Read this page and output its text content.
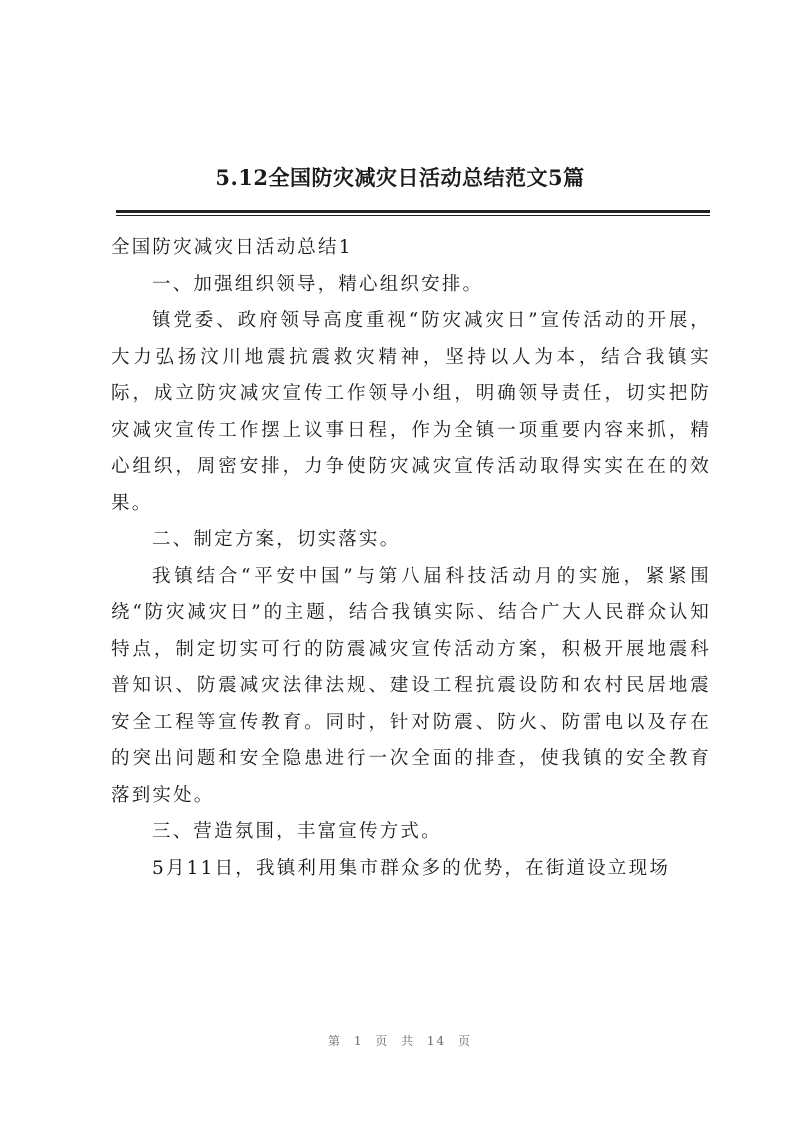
5.12全国防灾减灾日活动总结范文5篇

全国防灾减灾日活动总结1

一、加强组织领导，精心组织安排。

镇党委、政府领导高度重视“防灾减灾日”宣传活动的开展，大力弘扬汶川地震抗震救灾精神，坚持以人为本，结合我镇实际，成立防灾减灾宣传工作领导小组，明确领导责任，切实把防灾减灾宣传工作摆上议事日程，作为全镇一项重要内容来抓，精心组织，周密安排，力争使防灾减灾宣传活动取得实实在在的效果。

二、制定方案，切实落实。

我镇结合“平安中国”与第八届科技活动月的实施，紧紧围绕“防灾减灾日”的主题，结合我镇实际、结合广大人民群众认知特点，制定切实可行的防震减灾宣传活动方案，积极开展地震科普知识、防震减灾法律法规、建设工程抗震设防和农村民居地震安全工程等宣传教育。同时，针对防震、防火、防雷电以及存在的突出问题和安全隐患进行一次全面的排查，使我镇的安全教育落到实处。

三、营造氛围，丰富宣传方式。

5月11日，我镇利用集市群众多的优势，在街道设立现场

第 1 页 共 14 页
